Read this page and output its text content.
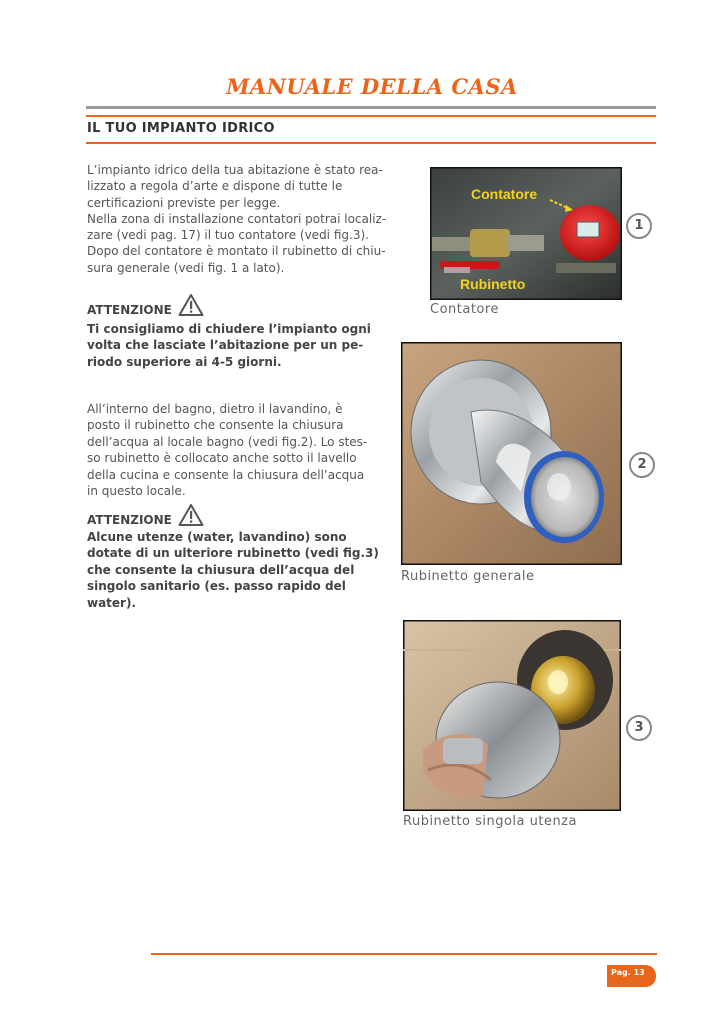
MANUALE DELLA CASA
IL TUO IMPIANTO IDRICO

L’impianto idrico della tua abitazione è stato rea-
lizzato a regola d’arte e dispone di tutte le
certificazioni previste per legge.
Nella zona di installazione contatori potrai localiz-
zare (vedi pag. 17) il tuo contatore (vedi fig.3).
Dopo del contatore è montato il rubinetto di chiu-
sura generale (vedi fig. 1 a lato).

ATTENZIONE

Ti consigliamo di chiudere l’impianto ogni
volta che lasciate l’abitazione per un pe-
riodo superiore ai 4-5 giorni.

All’interno del bagno, dietro il lavandino, è
posto il rubinetto che consente la chiusura
dell’acqua al locale bagno (vedi fig.2). Lo stes-
so rubinetto è collocato anche sotto il lavello
della cucina e consente la chiusura dell’acqua
in questo locale.

ATTENZIONE

Alcune utenze (water, lavandino) sono
dotate di un ulteriore rubinetto (vedi fig.3)
che consente la chiusura dell’acqua del
singolo sanitario (es. passo rapido del
water).

Contatore
Rubinetto
Contatore
1
Rubinetto generale
2
Rubinetto singola utenza
3
Pag. 13
